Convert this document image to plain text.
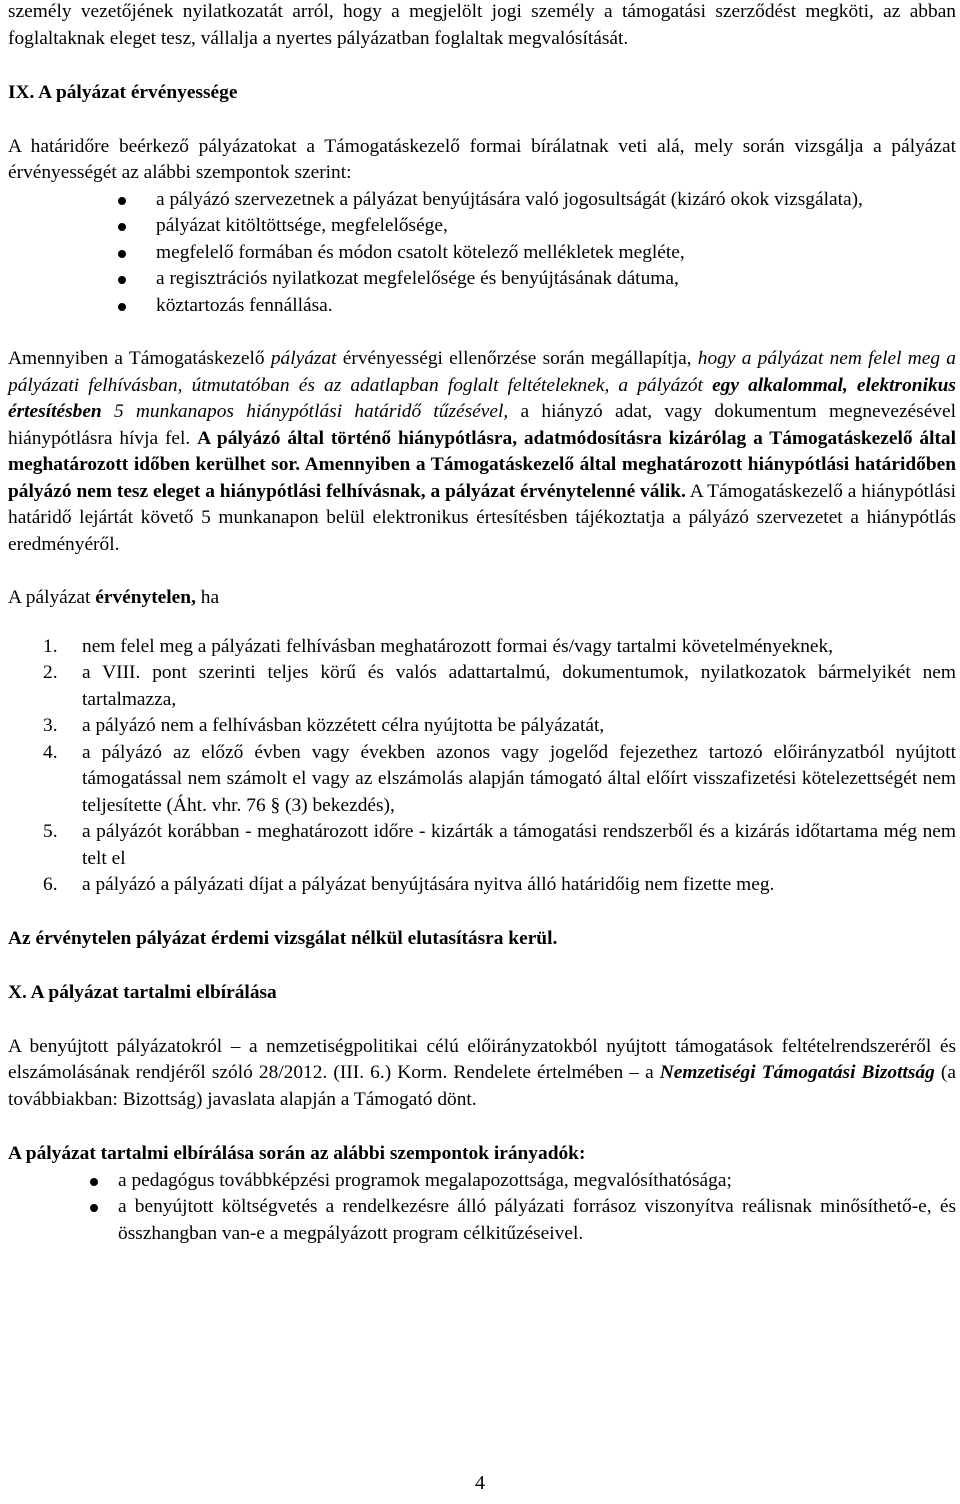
személy vezetőjének nyilatkozatát arról, hogy a megjelölt jogi személy a támogatási szerződést megköti, az abban foglaltaknak eleget tesz, vállalja a nyertes pályázatban foglaltak megvalósítását.

IX. A pályázat érvényessége

A határidőre beérkező pályázatokat a Támogatáskezelő formai bírálatnak veti alá, mely során vizsgálja a pályázat érvényességét az alábbi szempontok szerint:

a pályázó szervezetnek a pályázat benyújtására való jogosultságát (kizáró okok vizsgálata),
pályázat kitöltöttsége, megfelelősége,
megfelelő formában és módon csatolt kötelező mellékletek megléte,
a regisztrációs nyilatkozat megfelelősége és benyújtásának dátuma,
köztartozás fennállása.

Amennyiben a Támogatáskezelő pályázat érvényességi ellenőrzése során megállapítja, hogy a pályázat nem felel meg a pályázati felhívásban, útmutatóban és az adatlapban foglalt feltételeknek, a pályázót egy alkalommal, elektronikus értesítésben 5 munkanapos hiánypótlási határidő tűzésével, a hiányzó adat, vagy dokumentum megnevezésével hiánypótlásra hívja fel. A pályázó által történő hiánypótlásra, adatmódosításra kizárólag a Támogatáskezelő által meghatározott időben kerülhet sor. Amennyiben a Támogatáskezelő által meghatározott hiánypótlási határidőben pályázó nem tesz eleget a hiánypótlási felhívásnak, a pályázat érvénytelenné válik. A Támogatáskezelő a hiánypótlási határidő lejártát követő 5 munkanapon belül elektronikus értesítésben tájékoztatja a pályázó szervezetet a hiánypótlás eredményéről.

A pályázat érvénytelen, ha

1. nem felel meg a pályázati felhívásban meghatározott formai és/vagy tartalmi követelményeknek,
2. a VIII. pont szerinti teljes körű és valós adattartalmú, dokumentumok, nyilatkozatok bármelyikét nem tartalmazza,
3. a pályázó nem a felhívásban közzétett célra nyújtotta be pályázatát,
4. a pályázó az előző évben vagy években azonos vagy jogelőd fejezethez tartozó előirányzatból nyújtott támogatással nem számolt el vagy az elszámolás alapján támogató által előírt visszafizetési kötelezettségét nem teljesítette (Áht. vhr. 76 § (3) bekezdés),
5. a pályázót korábban - meghatározott időre - kizárták a támogatási rendszerből és a kizárás időtartama még nem telt el
6. a pályázó a pályázati díjat a pályázat benyújtására nyitva álló határidőig nem fizette meg.

Az érvénytelen pályázat érdemi vizsgálat nélkül elutasításra kerül.

X. A pályázat tartalmi elbírálása

A benyújtott pályázatokról – a nemzetiségpolitikai célú előirányzatokból nyújtott támogatások feltételrendszeréről és elszámolásának rendjéről szóló 28/2012. (III. 6.) Korm. Rendelete értelmében – a Nemzetiségi Támogatási Bizottság (a továbbiakban: Bizottság) javaslata alapján a Támogató dönt.

A pályázat tartalmi elbírálása során az alábbi szempontok irányadók:

a pedagógus továbbképzési programok megalapozottsága, megvalósíthatósága;
a benyújtott költségvetés a rendelkezésre álló pályázati forrásoz viszonyítva reálisnak minősíthető-e, és összhangban van-e a megpályázott program célkitűzéseivel.
4
